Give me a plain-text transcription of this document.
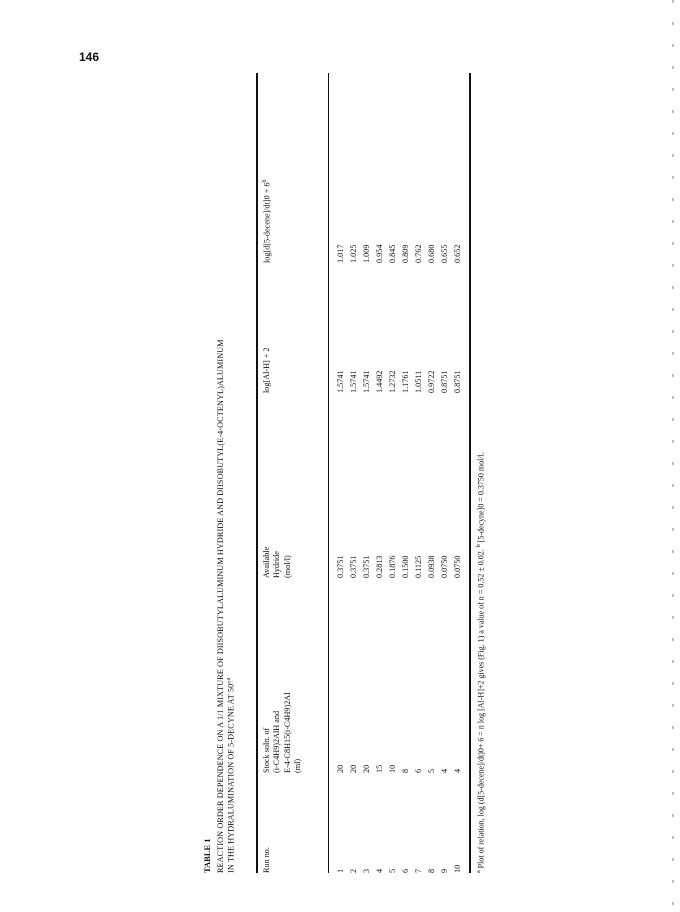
146
TABLE 1 REACTION ORDER DEPENDENCE ON A 1/1 MIXTURE OF DIISOBUTYLALUMINUM HYDRIDE AND DIISOBUTYL(E-4-OCTENYL)ALUMINUM IN THE HYDRALUMINATION OF 5-DECYNE AT 50°$^a$
Run no.
Stock soln. of (i-C4H9)2AlH and E-4-C8H15(i-C4H9)2Al (ml)
Available Hydride (mol/l)
log[Al-H] + 2
log[d[5-decene]/dt]0 + $6^b$
1
20
0.3751
1.5741
1.017
2
20
0.3751
1.5741
1.025
3
20
0.3751
1.5741
1.009
4
15
0.2813
1.4492
0.954
5
10
0.1876
1.2732
0.845
6
8
0.1500
1.1761
0.809
7
6
0.1125
1.0511
0.762
8
5
0.0938
0.9722
0.680
9
4
0.0750
0.8751
0.655
10
4
0.0750
0.8751
0.652
$^a$ Plot of relation, log (d[5-decene]/dt)0+ 6 = n log [Al-H]+2 gives (Fig. 1) a value of n = 0.52 ± 0.02. $^b$ [5-decyne]0 = 0.3750 mol/l.
